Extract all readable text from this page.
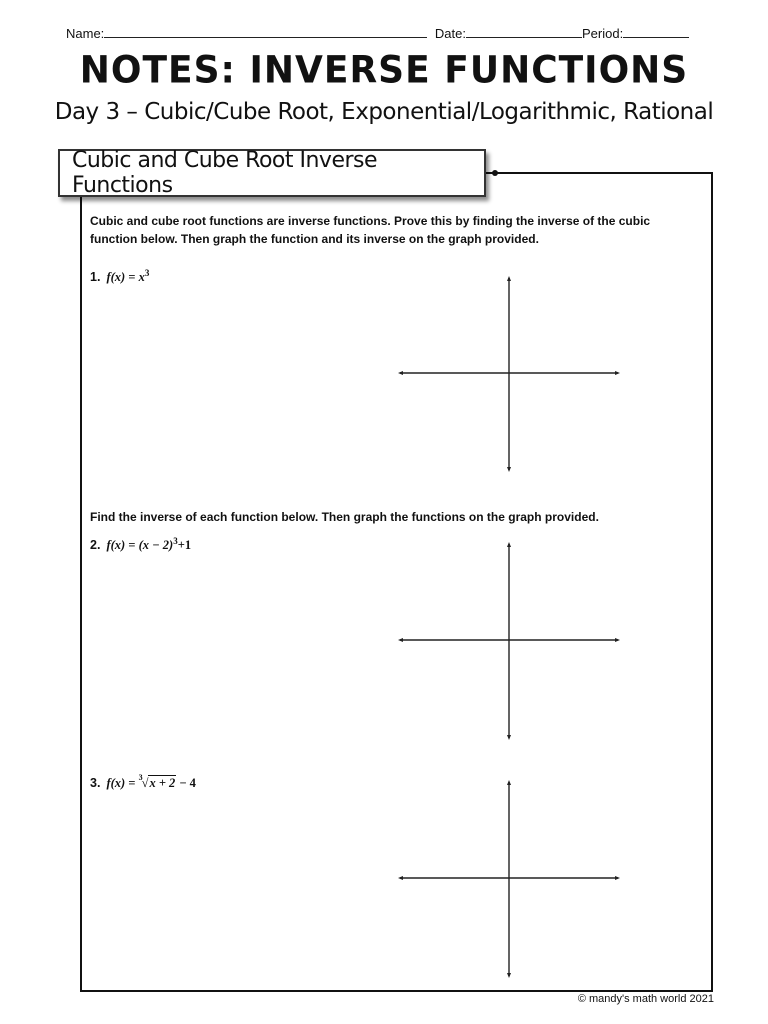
Name:	Date:	Period:
NOTES: INVERSE FUNCTIONS
Day 3 – Cubic/Cube Root, Exponential/Logarithmic, Rational
Cubic and Cube Root Inverse Functions
Cubic and cube root functions are inverse functions. Prove this by finding the inverse of the cubic function below. Then graph the function and its inverse on the graph provided.
1. $f(x) = x^3$
Find the inverse of each function below. Then graph the functions on the graph provided.
2. $f(x) = (x - 2)^3+1$
3. f(x) = $^3$√x + 2 − 4
© mandy's math world 2021
